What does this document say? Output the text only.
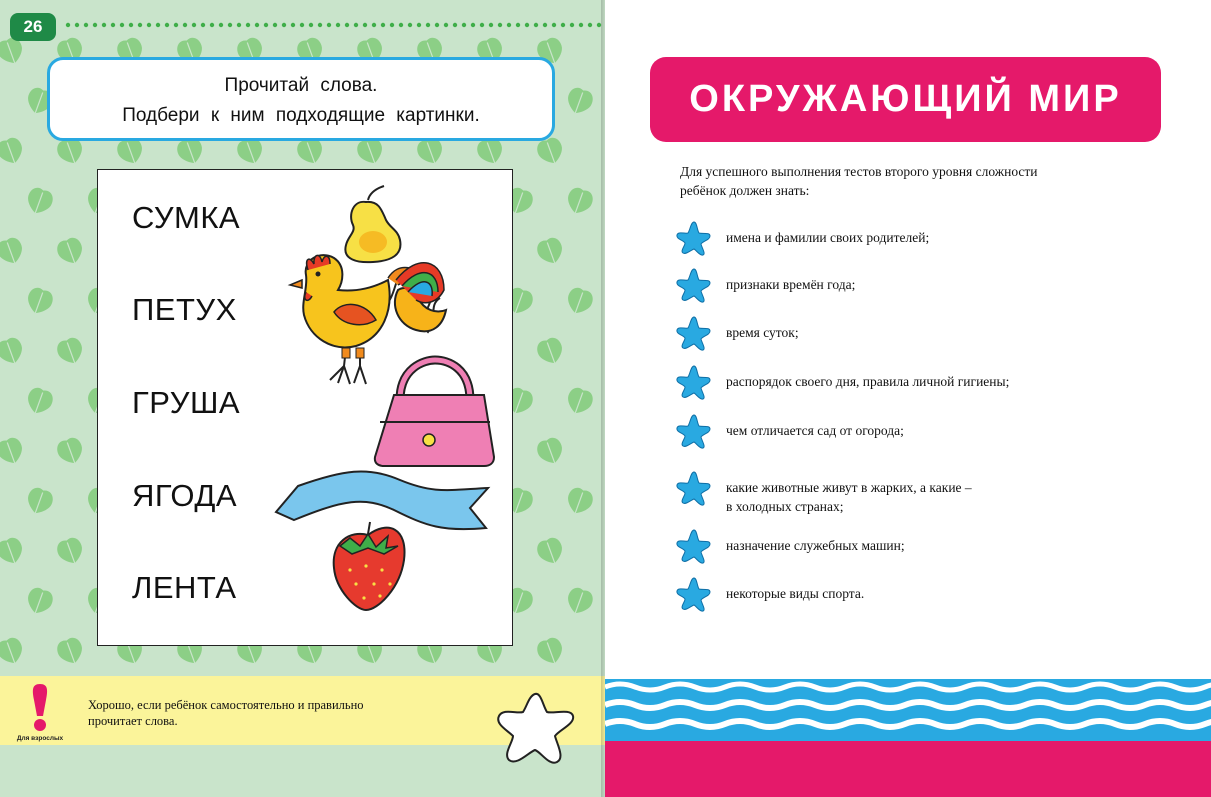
26
Прочитай слова.
Подбери к ним подходящие картинки.
СУМКА
ПЕТУХ
ГРУША
ЯГОДА
ЛЕНТА
Для взрослых
Хорошо, если ребёнок самостоятельно и правильно
прочитает слова.
ОКРУЖАЮЩИЙ МИР
Для успешного выполнения тестов второго уровня сложности
ребёнок должен знать:
имена и фамилии своих родителей;
признаки времён года;
время суток;
распорядок своего дня, правила личной гигиены;
чем отличается сад от огорода;
какие животные живут в жарких, а какие –
в холодных странах;
назначение служебных машин;
некоторые виды спорта.
